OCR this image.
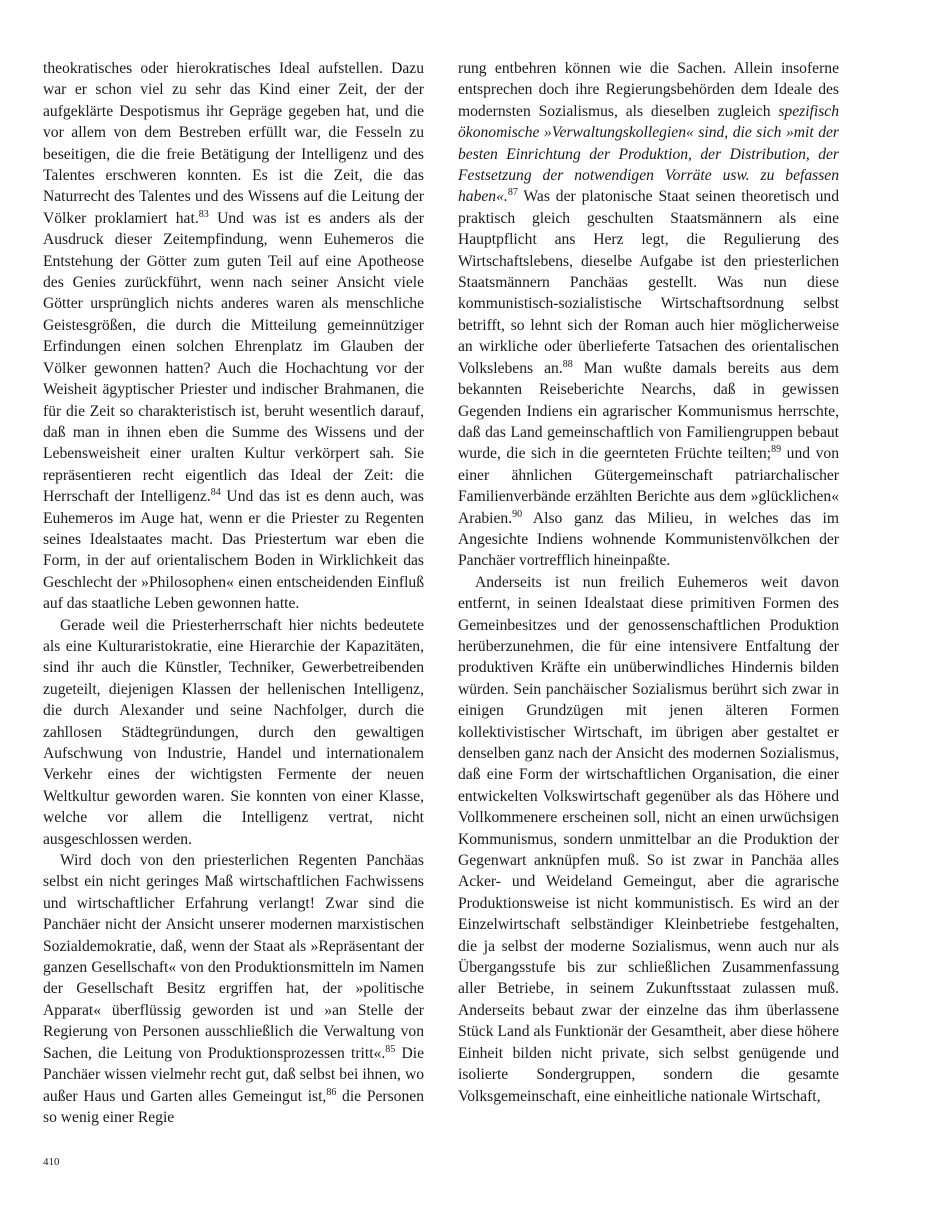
theokratisches oder hierokratisches Ideal aufstellen. Dazu war er schon viel zu sehr das Kind einer Zeit, der der aufgeklärte Despotismus ihr Gepräge gegeben hat, und die vor allem von dem Bestreben erfüllt war, die Fesseln zu beseitigen, die die freie Betätigung der Intelligenz und des Talentes erschweren konnten. Es ist die Zeit, die das Naturrecht des Talentes und des Wissens auf die Leitung der Völker proklamiert hat.$^{83}$ Und was ist es anders als der Ausdruck dieser Zeitempfindung, wenn Euhemeros die Entstehung der Götter zum guten Teil auf eine Apotheose des Genies zurückführt, wenn nach seiner Ansicht viele Götter ursprünglich nichts anderes waren als menschliche Geistesgrößen, die durch die Mitteilung gemeinnütziger Erfindungen einen solchen Ehrenplatz im Glauben der Völker gewonnen hatten? Auch die Hochachtung vor der Weisheit ägyptischer Priester und indischer Brahmanen, die für die Zeit so charakteristisch ist, beruht wesentlich darauf, daß man in ihnen eben die Summe des Wissens und der Lebensweisheit einer uralten Kultur verkörpert sah. Sie repräsentieren recht eigentlich das Ideal der Zeit: die Herrschaft der Intelligenz.$^{84}$ Und das ist es denn auch, was Euhemeros im Auge hat, wenn er die Priester zu Regenten seines Idealstaates macht. Das Priestertum war eben die Form, in der auf orientalischem Boden in Wirklichkeit das Geschlecht der »Philosophen« einen entscheidenden Einfluß auf das staatliche Leben gewonnen hatte.

Gerade weil die Priesterherrschaft hier nichts bedeutete als eine Kulturaristokratie, eine Hierarchie der Kapazitäten, sind ihr auch die Künstler, Techniker, Gewerbetreibenden zugeteilt, diejenigen Klassen der hellenischen Intelligenz, die durch Alexander und seine Nachfolger, durch die zahllosen Städtegründungen, durch den gewaltigen Aufschwung von Industrie, Handel und internationalem Verkehr eines der wichtigsten Fermente der neuen Weltkultur geworden waren. Sie konnten von einer Klasse, welche vor allem die Intelligenz vertrat, nicht ausgeschlossen werden.

Wird doch von den priesterlichen Regenten Panchäas selbst ein nicht geringes Maß wirtschaftlichen Fachwissens und wirtschaftlicher Erfahrung verlangt! Zwar sind die Panchäer nicht der Ansicht unserer modernen marxistischen Sozialdemokratie, daß, wenn der Staat als »Repräsentant der ganzen Gesellschaft« von den Produktionsmitteln im Namen der Gesellschaft Besitz ergriffen hat, der »politische Apparat« überflüssig geworden ist und »an Stelle der Regierung von Personen ausschließlich die Verwaltung von Sachen, die Leitung von Produktionsprozessen tritt«.$^{85}$ Die Panchäer wissen vielmehr recht gut, daß selbst bei ihnen, wo außer Haus und Garten alles Gemeingut ist,$^{86}$ die Personen so wenig einer Regie

rung entbehren können wie die Sachen. Allein insoferne entsprechen doch ihre Regierungsbehörden dem Ideale des modernsten Sozialismus, als dieselben zugleich spezifisch ökonomische »Verwaltungskollegien« sind, die sich »mit der besten Einrichtung der Produktion, der Distribution, der Festsetzung der notwendigen Vorräte usw. zu befassen haben«.$^{87}$ Was der platonische Staat seinen theoretisch und praktisch gleich geschulten Staatsmännern als eine Hauptpflicht ans Herz legt, die Regulierung des Wirtschaftslebens, dieselbe Aufgabe ist den priesterlichen Staatsmännern Panchäas gestellt. Was nun diese kommunistisch-sozialistische Wirtschaftsordnung selbst betrifft, so lehnt sich der Roman auch hier möglicherweise an wirkliche oder überlieferte Tatsachen des orientalischen Volkslebens an.$^{88}$ Man wußte damals bereits aus dem bekannten Reiseberichte Nearchs, daß in gewissen Gegenden Indiens ein agrarischer Kommunismus herrschte, daß das Land gemeinschaftlich von Familiengruppen bebaut wurde, die sich in die geernteten Früchte teilten;$^{89}$ und von einer ähnlichen Gütergemeinschaft patriarchalischer Familienverbände erzählten Berichte aus dem »glücklichen« Arabien.$^{90}$ Also ganz das Milieu, in welches das im Angesichte Indiens wohnende Kommunistenvölkchen der Panchäer vortrefflich hineinpaßte.

Anderseits ist nun freilich Euhemeros weit davon entfernt, in seinen Idealstaat diese primitiven Formen des Gemeinbesitzes und der genossenschaftlichen Produktion herüberzunehmen, die für eine intensivere Entfaltung der produktiven Kräfte ein unüberwindliches Hindernis bilden würden. Sein panchäischer Sozialismus berührt sich zwar in einigen Grundzügen mit jenen älteren Formen kollektivistischer Wirtschaft, im übrigen aber gestaltet er denselben ganz nach der Ansicht des modernen Sozialismus, daß eine Form der wirtschaftlichen Organisation, die einer entwickelten Volkswirtschaft gegenüber als das Höhere und Vollkommenere erscheinen soll, nicht an einen urwüchsigen Kommunismus, sondern unmittelbar an die Produktion der Gegenwart anknüpfen muß. So ist zwar in Panchäa alles Acker- und Weideland Gemeingut, aber die agrarische Produktionsweise ist nicht kommunistisch. Es wird an der Einzelwirtschaft selbständiger Kleinbetriebe festgehalten, die ja selbst der moderne Sozialismus, wenn auch nur als Übergangsstufe bis zur schließlichen Zusammenfassung aller Betriebe, in seinem Zukunftsstaat zulassen muß. Anderseits bebaut zwar der einzelne das ihm überlassene Stück Land als Funktionär der Gesamtheit, aber diese höhere Einheit bilden nicht private, sich selbst genügende und isolierte Sondergruppen, sondern die gesamte Volksgemeinschaft, eine einheitliche nationale Wirtschaft,

410
